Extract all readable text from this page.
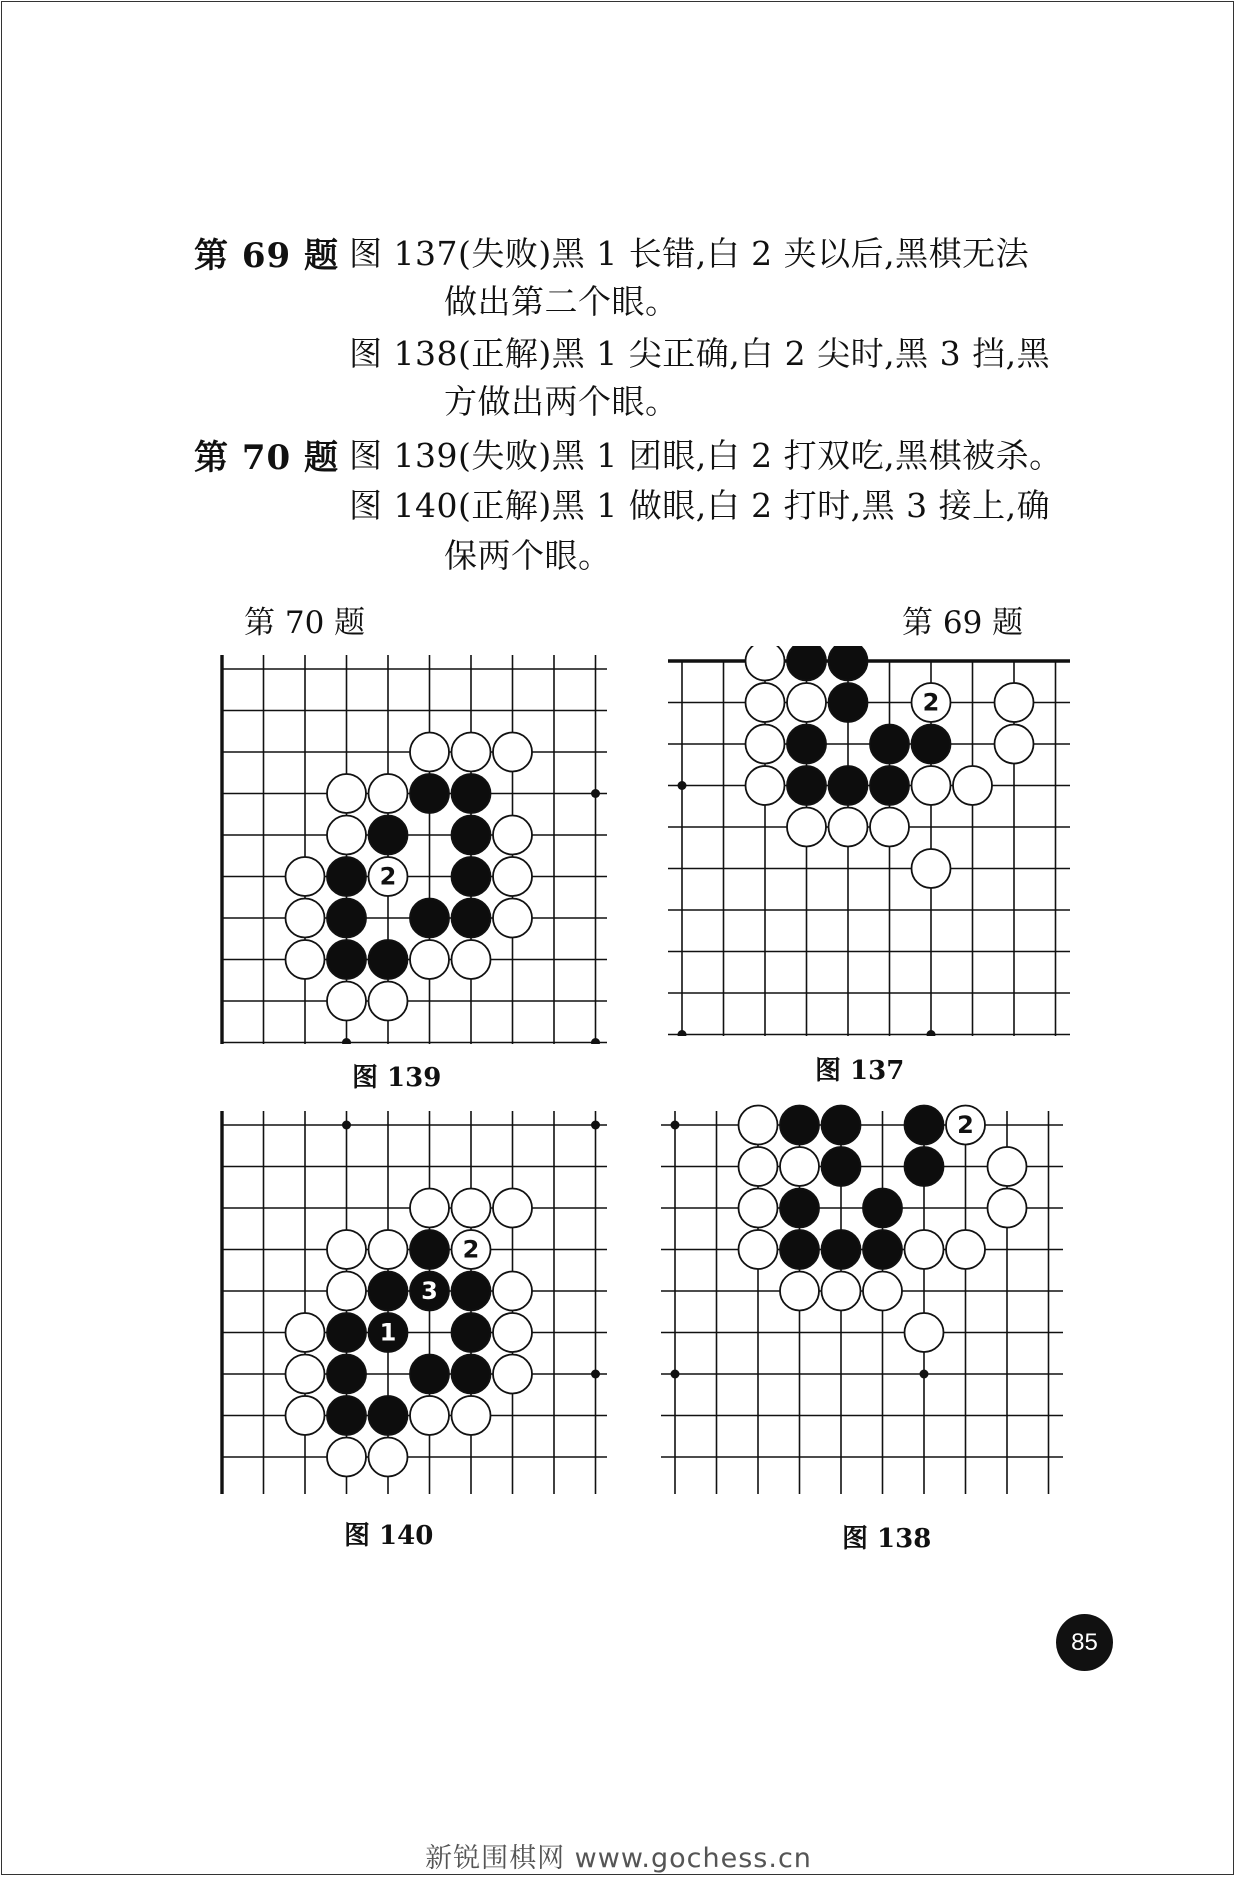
第 69 题 图 137(失败)黑 1 长错,白 2 夹以后,黑棋无法
做出第二个眼。
图 138(正解)黑 1 尖正确,白 2 尖时,黑 3 挡,黑
方做出两个眼。
第 70 题 图 139(失败)黑 1 团眼,白 2 打双吃,黑棋被杀。
图 140(正解)黑 1 做眼,白 2 打时,黑 3 接上,确
保两个眼。
第 70 题	第 69 题
2
2
2
3
1
2
图 139	图 137
图 140	图 138
85
新锐围棋网 www.gochess.cn
